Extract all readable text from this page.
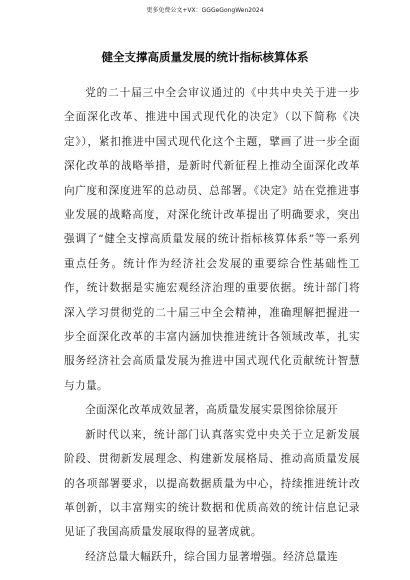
更多免费公文+VX：GGGeGongWen2024
健全支撑高质量发展的统计指标核算体系

党的二十届三中全会审议通过的《中共中央关于进一步全面深化改革、推进中国式现代化的决定》（以下简称《决定》），紧扣推进中国式现代化这个主题，擘画了进一步全面深化改革的战略举措，是新时代新征程上推动全面深化改革向广度和深度进军的总动员、总部署。《决定》站在党推进事业发展的战略高度，对深化统计改革提出了明确要求，突出强调了“健全支撑高质量发展的统计指标核算体系”等一系列重点任务。统计作为经济社会发展的重要综合性基础性工作，统计数据是实施宏观经济治理的重要依据。统计部门将深入学习贯彻党的二十届三中全会精神，准确理解把握进一步全面深化改革的丰富内涵加快推进统计各领域改革，扎实服务经济社会高质量发展为推进中国式现代化贡献统计智慧与力量。

全面深化改革成效显著，高质量发展实景图徐徐展开

新时代以来，统计部门认真落实党中央关于立足新发展阶段、贯彻新发展理念、构建新发展格局、推动高质量发展的各项部署要求，以提高数据质量为中心，持续推进统计改革创新，以丰富翔实的统计数据和优质高效的统计信息记录见证了我国高质量发展取得的显著成就。

经济总量大幅跃升，综合国力显著增强。经济总量连
